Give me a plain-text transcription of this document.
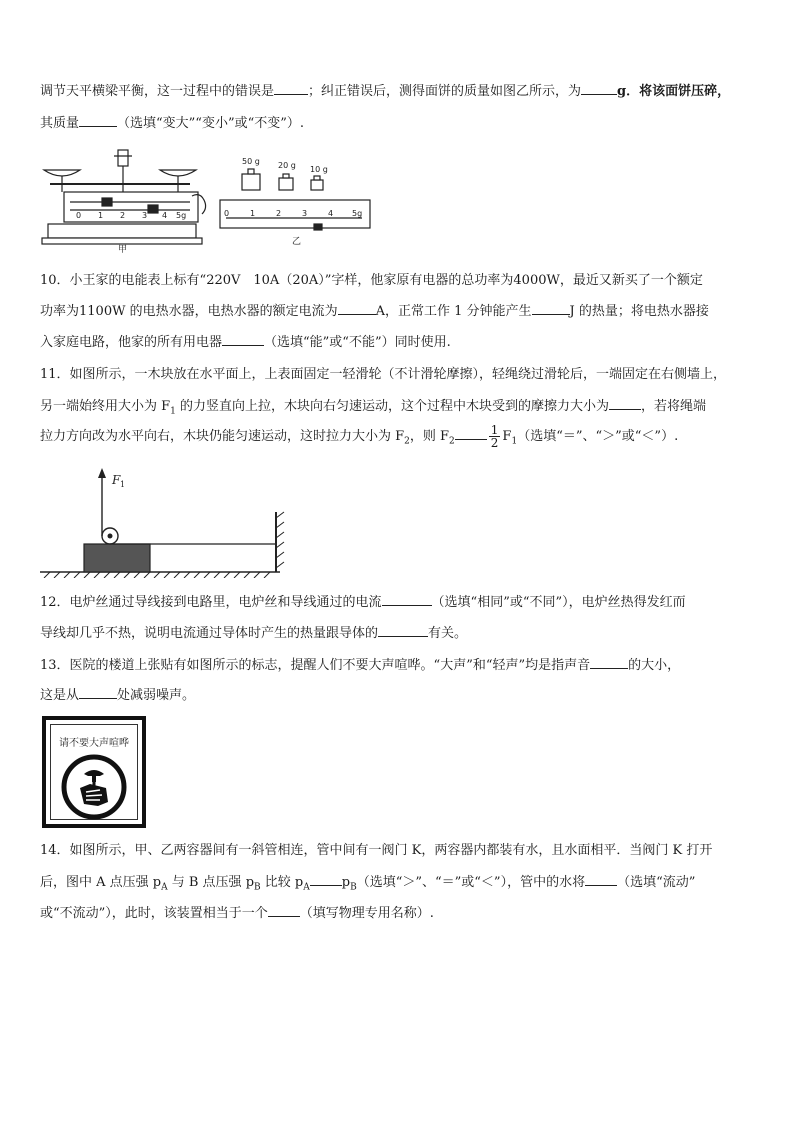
调节天平横梁平衡，这一过程中的错误是	；纠正错误后，测得面饼的质量如图乙所示，为	g．将该面饼压碎，
其质量	（选填“变大”“变小”或“不变”）.
0 1 2 3 4 5g
甲
50 g 20 g 10 g
0	1	2	3	4 5g
乙
10．小王家的电能表上标有“220V　10A（20A）”字样，他家原有电器的总功率为4000W，最近又新买了一个额定
功率为1100W 的电热水器，电热水器的额定电流为	A，正常工作 1 分钟能产生	J 的热量；将电热水器接
入家庭电路，他家的所有用电器	（选填“能”或“不能”）同时使用.
11．如图所示，一木块放在水平面上，上表面固定一轻滑轮（不计滑轮摩擦），轻绳绕过滑轮后，一端固定在右侧墙上，
另一端始终用大小为 $F_1$ 的力竖直向上拉，木块向右匀速运动，这个过程中木块受到的摩擦力大小为 ，若将绳端
拉力方向改为水平向右，木块仍能匀速运动，这时拉力大小为 $F_2$，则 $F_2$	$\frac{1}{2} F_1$（选填“＝”、“＞”或“＜”）.
F 1
12．电炉丝通过导线接到电路里，电炉丝和导线通过的电流	（选填“相同”或“不同”），电炉丝热得发红而
导线却几乎不热，说明电流通过导体时产生的热量跟导体的	有关。
13．医院的楼道上张贴有如图所示的标志，提醒人们不要大声喧哗。“大声”和“轻声”均是指声音	的大小，
这是从	处减弱噪声。
请不要大声喧哗
14．如图所示，甲、乙两容器间有一斜管相连，管中间有一阀门 K，两容器内都装有水，且水面相平．当阀门 K 打开
后，图中 A 点压强 $p_A$ 与 B 点压强 $p_B$ 比较 $p_A$ $p_B$（选填“＞”、“＝”或“＜”），管中的水将 （选填“流动”
或“不流动”），此时，该装置相当于一个 （填写物理专用名称）.
